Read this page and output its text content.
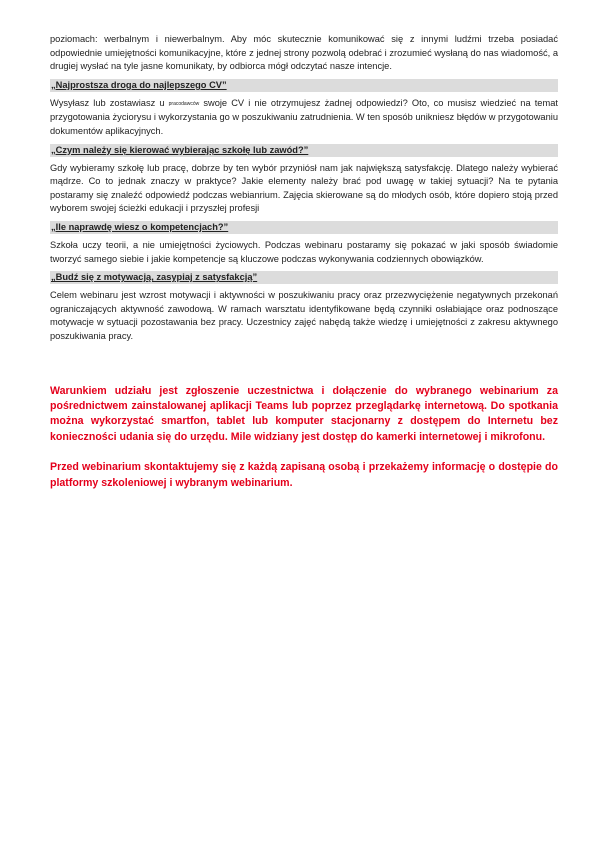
poziomach: werbalnym i niewerbalnym. Aby móc skutecznie komunikować się z innymi ludźmi trzeba posiadać odpowiednie umiejętności komunikacyjne, które z jednej strony pozwolą odebrać i zrozumieć wysłaną do nas wiadomość, a drugiej wysłać na tyle jasne komunikaty, by odbiorca mógł odczytać nasze intencje.

„Najprostsza droga do najlepszego CV”

Wysyłasz lub zostawiasz u pracodawców swoje CV i nie otrzymujesz żadnej odpowiedzi? Oto, co musisz wiedzieć na temat przygotowania życiorysu i wykorzystania go w poszukiwaniu zatrudnienia. W ten sposób unikniesz błędów w przygotowaniu dokumentów aplikacyjnych.

„Czym należy się kierować wybierając szkołę lub zawód?”

Gdy wybieramy szkołę lub pracę, dobrze by ten wybór przyniósł nam jak największą satysfakcję. Dlatego należy wybierać mądrze. Co to jednak znaczy w praktyce? Jakie elementy należy brać pod uwagę w takiej sytuacji? Na te pytania postaramy się znaleźć odpowiedź podczas webianrium. Zajęcia skierowane są do młodych osób, które dopiero stoją przed wyborem swojej ścieżki edukacji i przyszłej profesji

„Ile naprawdę wiesz o kompetencjach?”

Szkoła uczy teorii, a nie umiejętności życiowych. Podczas webinaru postaramy się pokazać w jaki sposób świadomie tworzyć samego siebie i jakie kompetencje są kluczowe podczas wykonywania codziennych obowiązków.

„Budź się z motywacją, zasypiaj z satysfakcją”

Celem webinaru jest wzrost motywacji i aktywności w poszukiwaniu pracy oraz przezwyciężenie negatywnych przekonań ograniczających aktywność zawodową. W ramach warsztatu identyfikowane będą czynniki osłabiające oraz podnoszące motywacje w sytuacji pozostawania bez pracy. Uczestnicy zajęć nabędą także wiedzę i umiejętności z zakresu aktywnego poszukiwania pracy.

Warunkiem udziału jest zgłoszenie uczestnictwa i dołączenie do wybranego webinarium za pośrednictwem zainstalowanej aplikacji Teams lub poprzez przeglądarkę internetową. Do spotkania można wykorzystać smartfon, tablet lub komputer stacjonarny z dostępem do Internetu bez konieczności udania się do urzędu. Mile widziany jest dostęp do kamerki internetowej i mikrofonu.

Przed webinarium skontaktujemy się z każdą zapisaną osobą i przekażemy informację o dostępie do platformy szkoleniowej i wybranym webinarium.
